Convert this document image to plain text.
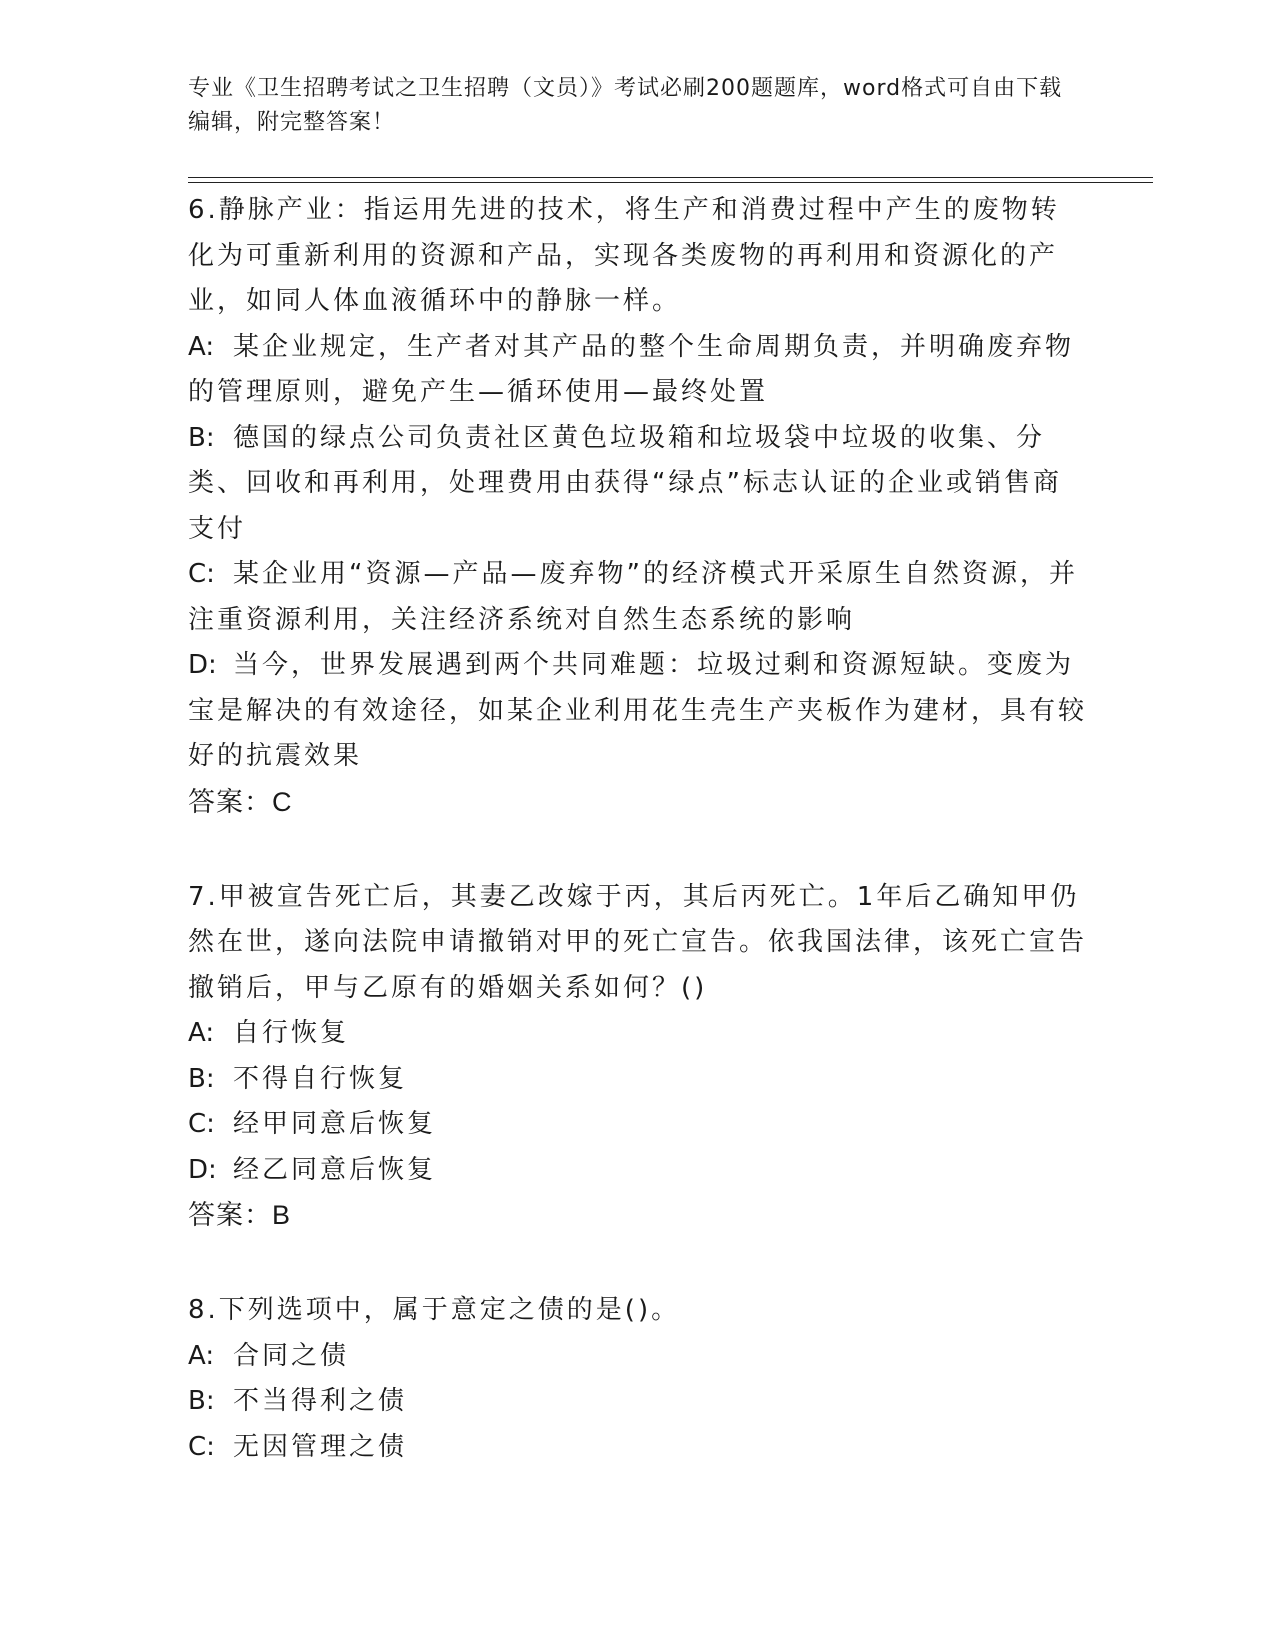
专业《卫生招聘考试之卫生招聘（文员）》考试必刷200题题库，word格式可自由下载编辑，附完整答案！

6.静脉产业：指运用先进的技术，将生产和消费过程中产生的废物转化为可重新利用的资源和产品，实现各类废物的再利用和资源化的产业，如同人体血液循环中的静脉一样。

A: 某企业规定，生产者对其产品的整个生命周期负责，并明确废弃物的管理原则，避免产生—循环使用—最终处置

B: 德国的绿点公司负责社区黄色垃圾箱和垃圾袋中垃圾的收集、分类、回收和再利用，处理费用由获得“绿点”标志认证的企业或销售商支付

C: 某企业用“资源—产品—废弃物”的经济模式开采原生自然资源，并注重资源利用，关注经济系统对自然生态系统的影响

D: 当今，世界发展遇到两个共同难题：垃圾过剩和资源短缺。变废为宝是解决的有效途径，如某企业利用花生壳生产夹板作为建材，具有较好的抗震效果

答案：C

7.甲被宣告死亡后，其妻乙改嫁于丙，其后丙死亡。1年后乙确知甲仍然在世，遂向法院申请撤销对甲的死亡宣告。依我国法律，该死亡宣告撤销后，甲与乙原有的婚姻关系如何？()

A: 自行恢复

B: 不得自行恢复

C: 经甲同意后恢复

D: 经乙同意后恢复

答案：B

8.下列选项中，属于意定之债的是()。

A: 合同之债

B: 不当得利之债

C: 无因管理之债
